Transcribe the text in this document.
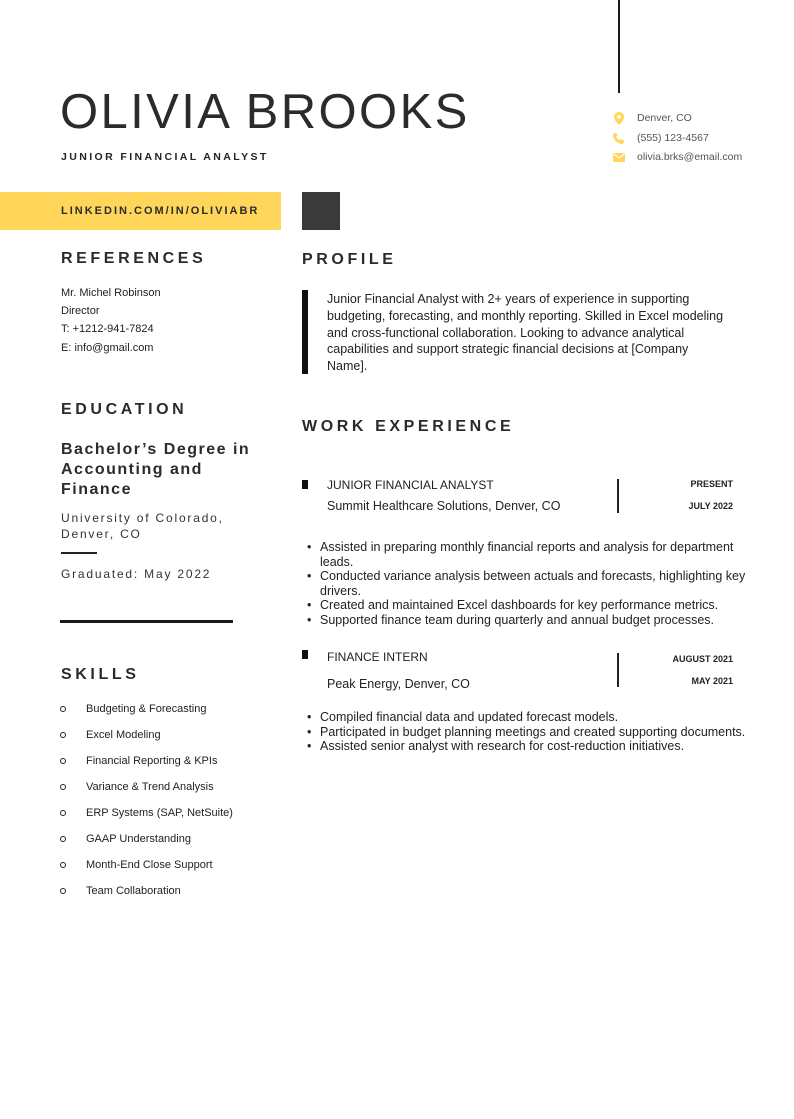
OLIVIA BROOKS
JUNIOR FINANCIAL ANALYST
Denver, CO
(555) 123-4567
olivia.brks@email.com
LINKEDIN.COM/IN/OLIVIABR
REFERENCES
Mr. Michel Robinson
Director
T: +1212-941-7824
E: info@gmail.com
EDUCATION
Bachelor’s Degree in Accounting and Finance
University of Colorado, Denver, CO
Graduated: May 2022
SKILLS
Budgeting & Forecasting
Excel Modeling
Financial Reporting & KPIs
Variance & Trend Analysis
ERP Systems (SAP, NetSuite)
GAAP Understanding
Month-End Close Support
Team Collaboration
PROFILE
Junior Financial Analyst with 2+ years of experience in supporting budgeting, forecasting, and monthly reporting. Skilled in Excel modeling and cross-functional collaboration. Looking to advance analytical capabilities and support strategic financial decisions at [Company Name].
WORK EXPERIENCE
JUNIOR FINANCIAL ANALYST
Summit Healthcare Solutions, Denver, CO
PRESENT
JULY 2022
• Assisted in preparing monthly financial reports and analysis for department leads.
• Conducted variance analysis between actuals and forecasts, highlighting key drivers.
• Created and maintained Excel dashboards for key performance metrics.
• Supported finance team during quarterly and annual budget processes.
FINANCE INTERN
Peak Energy, Denver, CO
AUGUST 2021
MAY 2021
• Compiled financial data and updated forecast models.
• Participated in budget planning meetings and created supporting documents.
• Assisted senior analyst with research for cost-reduction initiatives.
